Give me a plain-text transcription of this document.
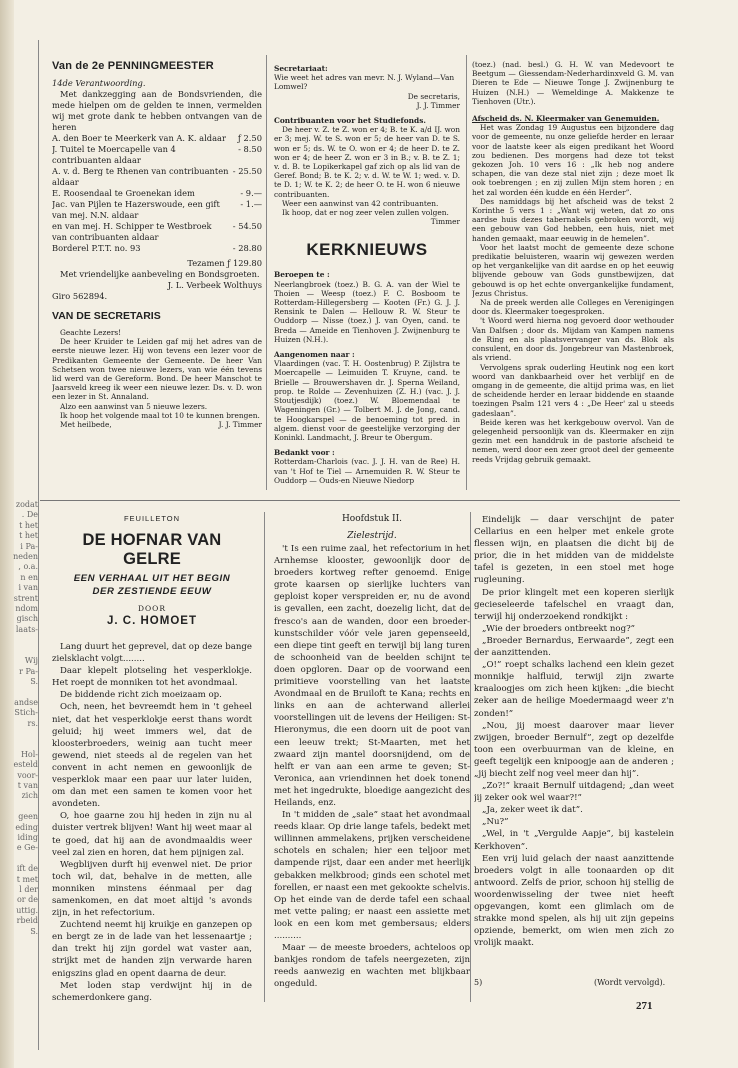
zodat
. De
t het
t het
i Pa-
neden
, o.a.
n en
i van
strent
ndom
gisch
laats-

Wij
r Pa-
S.

andse
Stich-
rs.

Hol-
esteld
voor-
t van
zich

geen
eding
iding
e Ge-

ift de
t met
l der
or de
uttig.
rbeid
S.
Van de 2e PENNINGMEESTER
14de Verantwoording.

Met dankzegging aan de Bondsvrienden, die mede hielpen om de gelden te innen, vermelden wij met grote dank te hebben ontvangen van de heren

A. den Boer te Meerkerk van A. K. aldaar ƒ 2.50
J. Tuitel te Moercapelle van 4 contribuanten aldaar
- 8.50
A. v. d. Berg te Rhenen van contribuanten aldaar
- 25.50
E. Roosendaal te Groenekan idem	- 9.—
Jac. van Pijlen te Hazerswoude, een gift van mej. N.N. aldaar
- 1.—
en van mej. H. Schipper te Westbroek van contribuanten aldaar
- 54.50
Borderel P.T.T. no. 93	- 28.80
Tezamen ƒ 129.80

Met vriendelijke aanbeveling en Bondsgroeten.

J. L. Verbeek Wolthuys
Giro 562894.
VAN DE SECRETARIS

Geachte Lezers!

De heer Kruider te Leiden gaf mij het adres van de eerste nieuwe lezer. Hij won tevens een lezer voor de Predikanten Gemeente der Gemeente. De heer Van Schetsen won twee nieuwe lezers, van wie één tevens lid werd van de Gereform. Bond. De heer Manschot te Jaarsveld kreeg ik weer een nieuwe lezer. Ds. v. D. won een lezer in St. Annaland.

Alzo een aanwinst van 5 nieuwe lezers.

Ik hoop het volgende maal tot 10 te kunnen brengen.

Met heilbede,	J. J. Timmer
Secretariaat:
Wie weet het adres van mevr. N. J. Wyland—Van Lomwel?
De secretaris,
J. J. Timmer
Contribuanten voor het Studiefonds.

De heer v. Z. te Z. won er 4; B. te K. a/d IJ. won er 3; mej. W. te S. won er 5; de heer van D. te S. won er 5; ds. W. te O. won er 4; de heer D. te Z. won er 4; de heer Z. won er 3 in B.; v. B. te Z. 1; v. d. B. te Lopikerkapel gaf zich op als lid van de Geref. Bond; B. te K. 2; v. d. W. te W. 1; wed. v. D. te D. 1; W. te K. 2; de heer O. te H. won 6 nieuwe contribuanten.

Weer een aanwinst van 42 contribuanten.

Ik hoop, dat er nog zeer velen zullen volgen.

Timmer
KERKNIEUWS
Beroepen te :

Neerlangbroek (toez.) B. G. A. van der Wiel te Thoien — Weesp (toez.) F. C. Bosboom te Rotterdam-Hillegersberg — Kooten (Fr.) G. J. J. Rensink te Dalen — Hellouw R. W. Steur te Ouddorp — Nisse (toez.) J. van Oyen, cand. te Breda — Ameide en Tienhoven J. Zwijnenburg te Huizen (N.H.).

Aangenomen naar :

Vlaardingen (vac. T. H. Oostenbrug) P. Zijlstra te Moercapelle — Leimuiden T. Kruyne, cand. te Brielle — Brouwershaven dr. J. Sperna Weiland, prop. te Rolde — Zevenhuizen (Z. H.) (vac. J. J. Stoutjesdijk) (toez.) W. Bloemendaal te Wageningen (Gr.) — Tolbert M. J. de Jong, cand. te Hoogkarspel — de benoeming tot pred. in algem. dienst voor de geestelijke verzorging der Koninkl. Landmacht, J. Breur te Obergum.

Bedankt voor :

Rotterdam-Charlois (vac. J. J. H. van de Ree) H. van 't Hof te Tiel — Arnemuiden R. W. Steur te Ouddorp — Ouds-en Nieuwe Niedorp

(toez.) (nad. besl.) G. H. W. van Medevoort te Beetgum — Giessendam-Nederhardinxveld G. M. van Dieren te Ede — Nieuwe Tonge J. Zwijnenburg te Huizen (N.H.) — Wemeldinge A. Makkenze te Tienhoven (Utr.).

Afscheid ds. N. Kleermaker van Genemuiden.

Het was Zondag 19 Augustus een bijzondere dag voor de gemeente, nu onze geliefde herder en leraar voor de laatste keer als eigen predikant het Woord zou bedienen. Des morgens had deze tot tekst gekozen Joh. 10 vers 16 : „Ik heb nog andere schapen, die van deze stal niet zijn ; deze moet Ik ook toebrengen ; en zij zullen Mijn stem horen ; en het zal worden één kudde en één Herder”.

Des namiddags bij het afscheid was de tekst 2 Korinthe 5 vers 1 : „Want wij weten, dat zo ons aardse huis dezes tabernakels gebroken wordt, wij een gebouw van God hebben, een huis, niet met handen gemaakt, maar eeuwig in de hemelen”.

Voor het laatst mocht de gemeente deze schone predikatie beluisteren, waarin wij gewezen werden op het vergankelijke van dit aardse en op het eeuwig blijvende gebouw van Gods gunstbewijzen, dat gebouwd is op het echte onvergankelijke fundament, Jezus Christus.

Na de preek werden alle Colleges en Verenigingen door ds. Kleermaker toegesproken.

't Woord werd hierna nog gevoerd door wethouder Van Dalfsen ; door ds. Mijdam van Kampen namens de Ring en als plaatsvervanger van ds. Blok als consulent, en door ds. Jongebreur van Mastenbroek, als vriend.

Vervolgens sprak ouderling Heutink nog een kort woord van dankbaarheid over het verblijf en de omgang in de gemeente, die altijd prima was, en liet de scheidende herder en leraar biddende en staande toezingen Psalm 121 vers 4 : „De Heer' zal u steeds gadeslaan”.

Beide keren was het kerkgebouw overvol. Van de gelegenheid persoonlijk van ds. Kleermaker en zijn gezin met een handdruk in de pastorie afscheid te nemen, werd door een zeer groot deel der gemeente reeds Vrijdag gebruik gemaakt.

FEUILLETON
DE HOFNAR VAN GELRE
EEN VERHAAL UIT HET BEGIN
DER ZESTIENDE EEUW
DOOR
J. C. HOMOET

Lang duurt het geprevel, dat op deze bange zielsklacht volgt........

Daar klepelt plotseling het vesperklokje. Het roept de monniken tot het avondmaal.

De biddende richt zich moeizaam op.

Och, neen, het bevreemdt hem in 't geheel niet, dat het vesperklokje eerst thans wordt geluid; hij weet immers wel, dat de kloosterbroeders, weinig aan tucht meer gewend, niet steeds al de regelen van het convent in acht nemen en gewoonlijk de vesperklok maar een paar uur later luiden, om dan met een samen te komen voor het avondeten.

O, hoe gaarne zou hij heden in zijn nu al duister vertrek blijven! Want hij weet maar al te goed, dat hij aan de avondmaaldis weer veel zal zien en horen, dat hem pijnigen zal.

Wegblijven durft hij evenwel niet. De prior toch wil, dat, behalve in de metten, alle monniken minstens éénmaal per dag samenkomen, en dat moet altijd 's avonds zijn, in het refectorium.

Zuchtend neemt hij kruikje en ganzepen op en bergt ze in de lade van het lessenaartje ; dan trekt hij zijn gordel wat vaster aan, strijkt met de handen zijn verwarde haren enigszins glad en opent daarna de deur.

Met loden stap verdwijnt hij in de schemerdonkere gang.

Hoofdstuk II.
Zielestrijd.

't Is een ruime zaal, het refectorium in het Arnhemse klooster, gewoonlijk door de broeders kortweg refter genoemd. Enige grote kaarsen op sierlijke luchters van geploist koper verspreiden er, nu de avond is gevallen, een zacht, doezelig licht, dat de fresco's aan de wanden, door een broeder-kunstschilder vóór vele jaren gepenseeld, een diepe tint geeft en terwijl bij lang turen de schoonheid van de beelden schijnt te doen opgloren. Daar op de voorwand een primitieve voorstelling van het laatste Avondmaal en de Bruiloft te Kana; rechts en links en aan de achterwand allerlei voorstellingen uit de levens der Heiligen: St-Hieronymus, die een doorn uit de poot van een leeuw trekt; St-Maarten, met het zwaard zijn mantel doorsnijdend, om de helft er van aan een arme te geven; St-Veronica, aan vriendinnen het doek tonend met het ingedrukte, bloedige aangezicht des Heilands, enz.

In 't midden de „sale” staat het avondmaal reeds klaar. Op drie lange tafels, bedekt met willinnen ammelakens, prijken verscheidene schotels en schalen; hier een teljoor met dampende rijst, daar een ander met heerlijk gebakken melkbrood; ginds een schotel met forellen, er naast een met gekookte schelvis. Op het einde van de derde tafel een schaal met vette paling; er naast een assiette met look en een kom met gembersaus; elders ..........

Maar — de meeste broeders, achteloos op bankjes rondom de tafels neergezeten, zijn reeds aanwezig en wachten met blijkbaar ongeduld.

Eindelijk — daar verschijnt de pater Cellarius en een helper met enkele grote flessen wijn, en plaatsen die dicht bij de prior, die in het midden van de middelste tafel is gezeten, in een stoel met hoge rugleuning.

De prior klingelt met een koperen sierlijk gecieseleerde tafelschel en vraagt dan, terwijl hij onderzoekend rondkijkt :

„Wie der broeders ontbreekt nog?”

„Broeder Bernardus, Eerwaarde”, zegt een der aanzittenden.

„O!” roept schalks lachend een klein gezet monnikje halfluid, terwijl zijn zwarte kraaloogjes om zich heen kijken: „die biecht zeker aan de heilige Moedermaagd weer z'n zonden!”

„Nou, jij moest daarover maar liever zwijgen, broeder Bernulf”, zegt op dezelfde toon een overbuurman van de kleine, en geeft tegelijk een knipoogje aan de anderen ; „jij biecht zelf nog veel meer dan hij”.

„Zo?!” kraait Bernulf uitdagend; „dan weet jij zeker ook wel waar?!”

„Ja, zeker weet ik dat”.

„Nu?”

„Wel, in 't „Vergulde Aapje”, bij kastelein Kerkhoven”.

Een vrij luid gelach der naast aanzittende broeders volgt in alle toonaarden op dit antwoord. Zelfs de prior, schoon hij stellig de woordenwisseling der twee niet heeft opgevangen, komt een glimlach om de strakke mond spelen, als hij uit zijn gepeins opziende, bemerkt, om wien men zich zo vrolijk maakt.

5)	(Wordt vervolgd).
271
